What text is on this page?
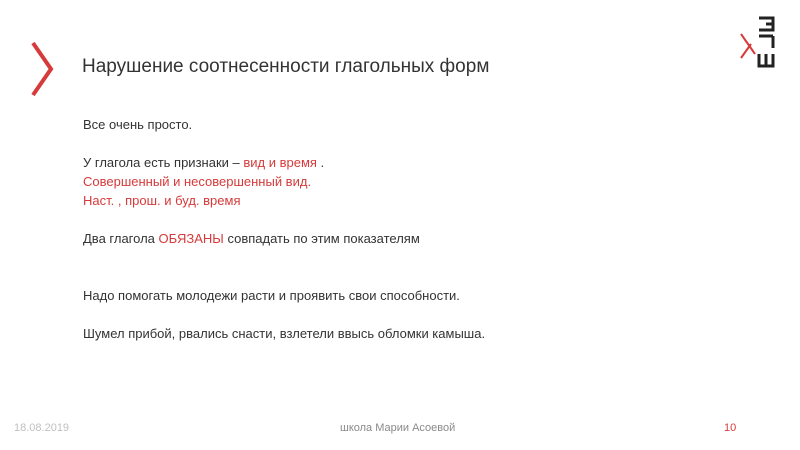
Нарушение соотнесенности глагольных форм

Все очень просто.

У глагола есть признаки – вид и время .

Совершенный и несовершенный вид.

Наст. , прош. и буд. время

Два глагола ОБЯЗАНЫ совпадать по этим показателям

Надо помогать молодежи расти и проявить свои способности.

Шумел прибой, рвались снасти, взлетели ввысь обломки камыша.

18.08.2019	школа Марии Асоевой	10
